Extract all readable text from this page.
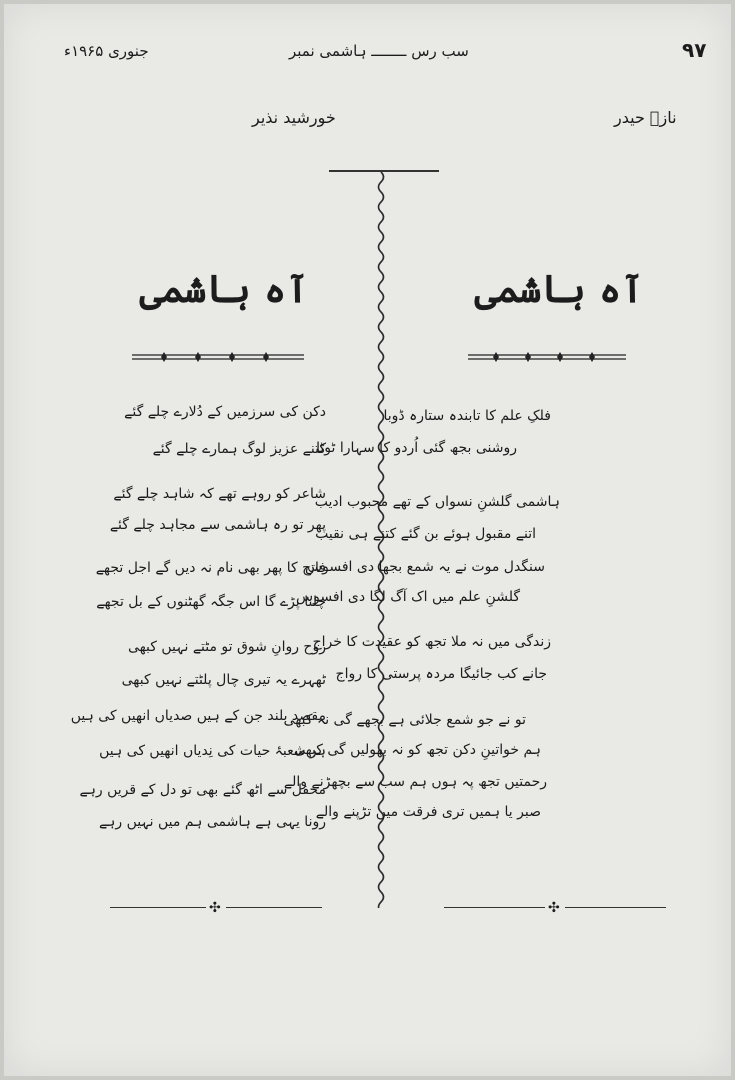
۹۷
سب رس ــــــــ ہاشمی نمبر
جنوری ۱۹۶۵ء
نازؔ حیدر
خورشید نذیر
آہ ہاشمی
آہ ہاشمی
فلکِ علم کا تابندہ ستارہ ڈوبا
روشنی بجھ گئی اُردو کا سہارا ٹوٹا
ہاشمی گلشنِ نسواں کے تھے محبوب ادیب
اتنے مقبول ہوئے بن گئے کتنے ہی نقیب
سنگدل موت نے یہ شمع بجھا دی افسوس
گلشنِ علم میں اک آگ لگا دی افسوس
زندگی میں نہ ملا تجھ کو عقیدت کا خراج
جانے کب جائیگا مردہ پرستی کا رواج
تو نے جو شمع جلائی ہے بجھے گی نہ کبھی
ہم خواتینِ دکن تجھ کو نہ بھولیں گی کبھی
رحمتیں تجھ پہ ہوں ہم سب سے بچھڑنے والے
صبر یا ہمیں تری فرقت میں تڑپنے والے
دکن کی سرزمیں کے دُلارے چلے گئے
کتنے عزیز لوگ ہمارے چلے گئے
شاعر کو روہے تھے کہ شاہد چلے گئے
پھر تو رہ ہاشمی سے مجاہد چلے گئے
فاتح کا پھر بھی نام نہ دیں گے اجل تجھے
چلنا پڑے گا اس جگہ گھٹنوں کے بل تجھے
روح روانِ شوق تو مٹتے نہیں کبھی
ٹھہرے یہ تیری چال پلٹتے نہیں کبھی
مقصد بلند جن کے ہیں صدیاں انھیں کی ہیں
ہر شعبۂ حیات کی نِدیاں انھیں کی ہیں
محفل سے اٹھ گئے بھی تو دل کے قریں رہے
رونا یہی ہے ہاشمی ہم میں نہیں رہے
✣	✣
